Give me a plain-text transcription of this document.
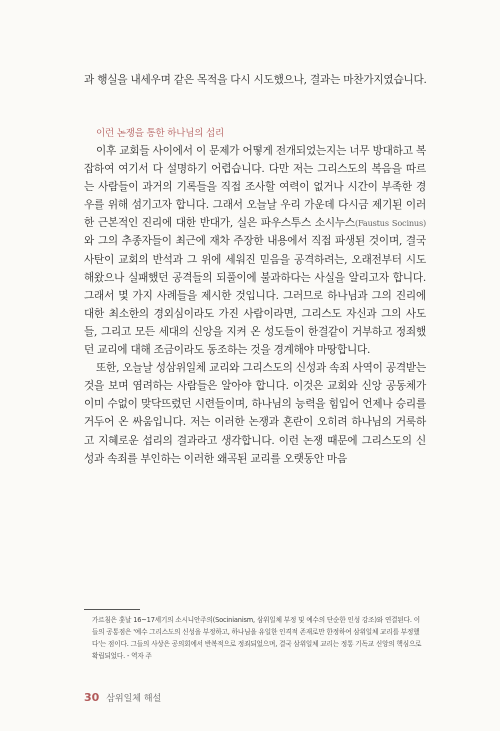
과 행실을 내세우며 같은 목적을 다시 시도했으나, 결과는 마찬가지였습니다.
이런 논쟁을 통한 하나님의 섭리

이후 교회들 사이에서 이 문제가 어떻게 전개되었는지는 너무 방대하고 복잡하여 여기서 다 설명하기 어렵습니다. 다만 저는 그리스도의 복음을 따르는 사람들이 과거의 기록들을 직접 조사할 여력이 없거나 시간이 부족한 경우를 위해 섬기고자 합니다. 그래서 오늘날 우리 가운데 다시금 제기된 이러한 근본적인 진리에 대한 반대가, 실은 파우스투스 소시누스(Faustus Socinus)와 그의 추종자들이 최근에 재차 주장한 내용에서 직접 파생된 것이며, 결국 사탄이 교회의 반석과 그 위에 세워진 믿음을 공격하려는, 오래전부터 시도해왔으나 실패했던 공격들의 되풀이에 불과하다는 사실을 알리고자 합니다. 그래서 몇 가지 사례들을 제시한 것입니다. 그러므로 하나님과 그의 진리에 대한 최소한의 경외심이라도 가진 사람이라면, 그리스도 자신과 그의 사도들, 그리고 모든 세대의 신앙을 지켜 온 성도들이 한결같이 거부하고 정죄했던 교리에 대해 조금이라도 동조하는 것을 경계해야 마땅합니다.

또한, 오늘날 성삼위일체 교리와 그리스도의 신성과 속죄 사역이 공격받는 것을 보며 염려하는 사람들은 알아야 합니다. 이것은 교회와 신앙 공동체가 이미 수없이 맞닥뜨렸던 시련들이며, 하나님의 능력을 힘입어 언제나 승리를 거두어 온 싸움입니다. 저는 이러한 논쟁과 혼란이 오히려 하나님의 거룩하고 지혜로운 섭리의 결과라고 생각합니다. 이런 논쟁 때문에 그리스도의 신성과 속죄를 부인하는 이러한 왜곡된 교리를 오랫동안 마음

가르침은 훗날 16~17세기의 소시니안주의(Socinianism, 삼위일체 부정 및 예수의 단순한 인성 강조)와 연결된다. 이들의 공통점은 '예수 그리스도의 신성을 부정하고, 하나님을 유일한 인격적 존재로만 한정하여 삼위일체 교리를 부정했다'는 점이다. 그들의 사상은 공의회에서 반복적으로 정죄되었으며, 결국 삼위일체 교리는 정통 기독교 신앙의 핵심으로 확립되었다. - 역자 주
30 삼위일체 해설
